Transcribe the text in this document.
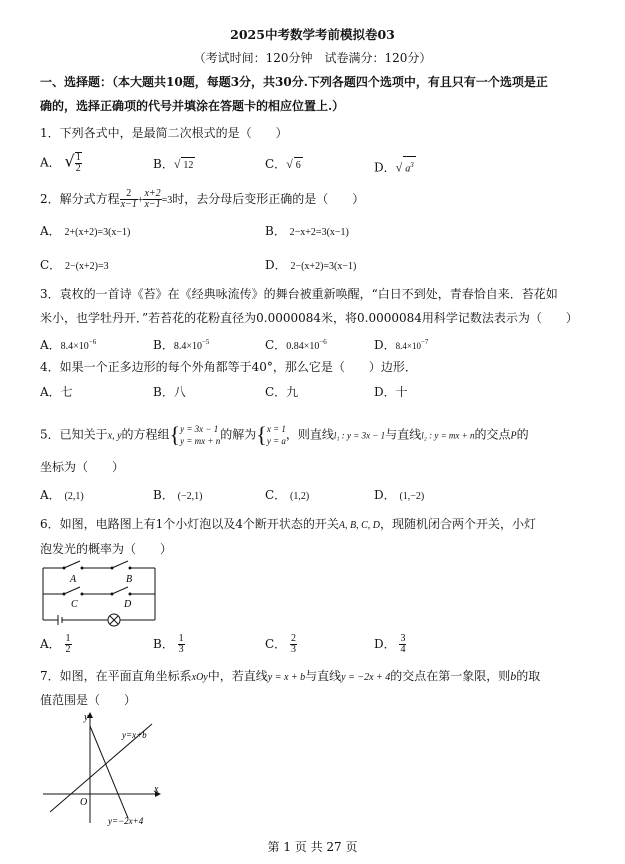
2025中考数学考前模拟卷03
（考试时间：120分钟　试卷满分：120分）
一、选择题：（本大题共10题，每题3分，共30分.下列各题四个选项中，有且只有一个选项是正
确的，选择正确项的代号并填涂在答题卡的相应位置上.）
1．下列各式中，是最简二次根式的是（　　）
A． √ $\frac{1}{2}$	B．√ 12	C．√ 6	D．√ $a^3$
2．解分式方程 $\frac{2}{x-1} + \frac{x+2}{x-1} =3$时，去分母后变形正确的是（　　）
A． 2+(x+2)=3(x−1)	B． 2−x+2=3(x−1)
C． 2−(x+2)=3	D． 2−(x+2)=3(x−1)
3．袁枚的一首诗《苔》在《经典咏流传》的舞台被重新唤醒，“白日不到处，青春恰自来．苔花如
米小，也学牡丹开．”若苔花的花粉直径为0.0000084米，将0.0000084用科学记数法表示为（　　）
A．$8.4\times 10^{-6}$	B．$8.4\times 10^{-5}$	C．$0.84\times 10^{-6}$	D．$8.4\times 10^{-7}$
4．如果一个正多边形的每个外角都等于40°，那么它是（　　）边形．
A．七	B．八	C．九	D．十
5．已知关于x, y的方程组{ y = 3x − 1
y = mx + n 的解为{ x = 1
y = a ，则直线l₁ : y = 3x − 1与直线l₂ : y = mx + n的交点P的
坐标为（　　）
A． (2,1)	B． (−2,1)	C． (1,2)	D． (1,−2)
6．如图，电路图上有1个小灯泡以及4个断开状态的开关A, B, C, D，现随机闭合两个开关，小灯
泡发光的概率为（　　）
A	B
C	D
A． $\frac{1}{2}$	B． $\frac{1}{3}$	C． $\frac{2}{3}$	D． $\frac{3}{4}$
7．如图，在平面直角坐标系xOy中，若直线y = x + b与直线y = −2x + 4的交点在第一象限，则b的取
值范围是（　　）
y
x
O
y=x+b
y=−2x+4
第 1 页 共 27 页
